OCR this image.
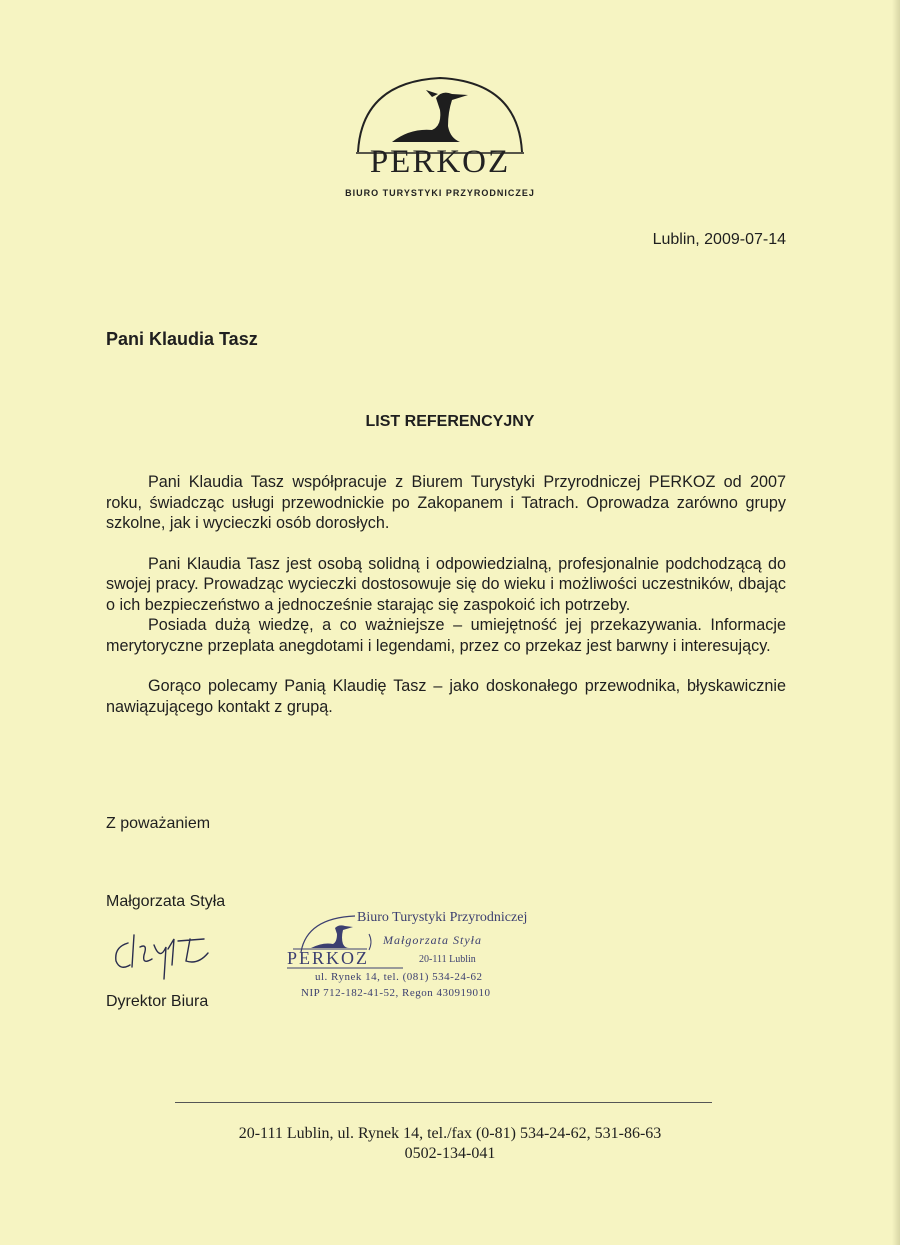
PERKOZ
BIURO TURYSTYKI PRZYRODNICZEJ
Lublin, 2009-07-14
Pani Klaudia Tasz
LIST REFERENCYJNY

Pani Klaudia Tasz współpracuje z Biurem Turystyki Przyrodniczej PERKOZ od 2007 roku, świadcząc usługi przewodnickie po Zakopanem i Tatrach. Oprowadza zarówno grupy szkolne, jak i wycieczki osób dorosłych.

Pani Klaudia Tasz jest osobą solidną i odpowiedzialną, profesjonalnie podchodzącą do swojej pracy. Prowadząc wycieczki dostosowuje się do wieku i możliwości uczestników, dbając o ich bezpieczeństwo a jednocześnie starając się zaspokoić ich potrzeby.

Posiada dużą wiedzę, a co ważniejsze – umiejętność jej przekazywania. Informacje merytoryczne przeplata anegdotami i legendami, przez co przekaz jest barwny i interesujący.

Gorąco polecamy Panią Klaudię Tasz – jako doskonałego przewodnika, błyskawicznie nawiązującego kontakt z grupą.

Z poważaniem
Małgorzata Styła
Dyrektor Biura
Biuro Turystyki Przyrodniczej
Małgorzata Styła
PERKOZ	20-111 Lublin
ul. Rynek 14, tel. (081) 534-24-62
NIP 712-182-41-52, Regon 430919010
20-111 Lublin, ul. Rynek 14, tel./fax (0-81) 534-24-62, 531-86-63
0502-134-041
